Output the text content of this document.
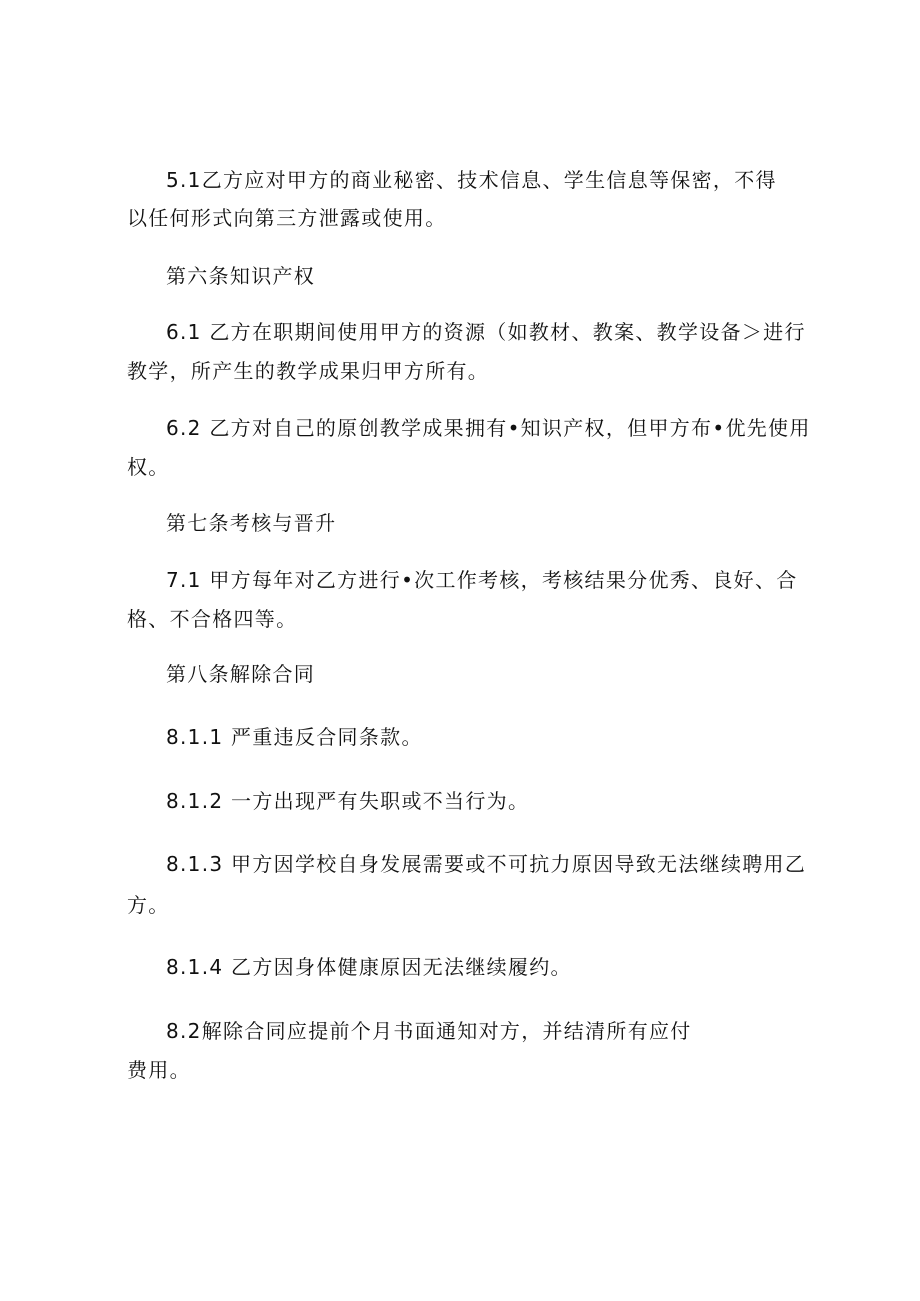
5.1乙方应对甲方的商业秘密、技术信息、学生信息等保密，不得
以任何形式向第三方泄露或使用。
第六条知识产权
6.1 乙方在职期间使用甲方的资源（如教材、教案、教学设备＞进行
教学，所产生的教学成果归甲方所有。
6.2 乙方对自己的原创教学成果拥有•知识产权，但甲方布•优先使用
权。
第七条考核与晋升
7.1 甲方每年对乙方进行•次工作考核，考核结果分优秀、良好、合
格、不合格四等。
第八条解除合同
8.1.1 严重违反合同条款。
8.1.2 一方出现严有失职或不当行为。
8.1.3 甲方因学校自身发展需要或不可抗力原因导致无法继续聘用乙
方。
8.1.4 乙方因身体健康原因无法继续履约。
8.2解除合同应提前个月书面通知对方，并结清所有应付
费用。
